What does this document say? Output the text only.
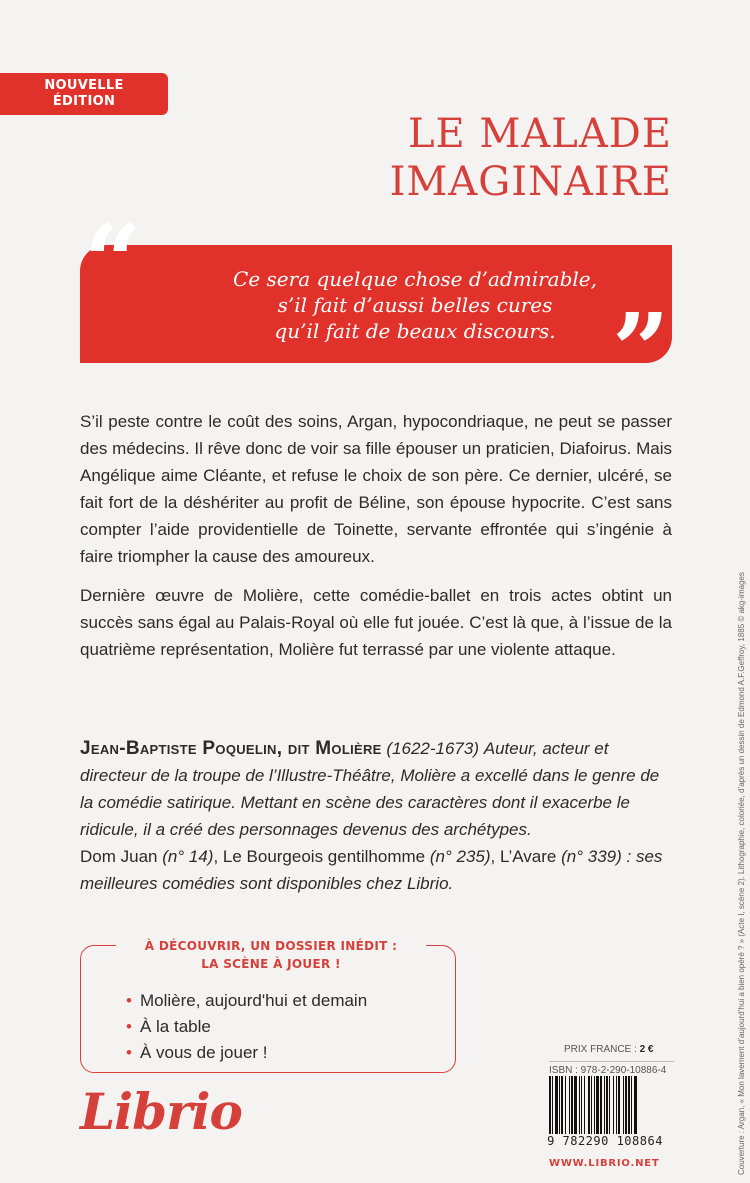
NOUVELLE
ÉDITION
LE MALADE
IMAGINAIRE
“
”
Ce sera quelque chose d’admirable,
s’il fait d’aussi belles cures
qu’il fait de beaux discours.

S’il peste contre le coût des soins, Argan, hypocondriaque, ne peut se passer des médecins. Il rêve donc de voir sa fille épouser un praticien, Diafoirus. Mais Angélique aime Cléante, et refuse le choix de son père. Ce dernier, ulcéré, se fait fort de la déshériter au profit de Béline, son épouse hypocrite. C’est sans compter l’aide providentielle de Toinette, servante effrontée qui s’ingénie à faire triompher la cause des amoureux.

Dernière œuvre de Molière, cette comédie-ballet en trois actes obtint un succès sans égal au Palais-Royal où elle fut jouée. C’est là que, à l’issue de la quatrième représentation, Molière fut terrassé par une violente attaque.

Jean-Baptiste Poquelin, dit Molière (1622-1673) Auteur, acteur et directeur de la troupe de l’Illustre-Théâtre, Molière a excellé dans le genre de la comédie satirique. Mettant en scène des caractères dont il exacerbe le ridicule, il a créé des personnages devenus des archétypes.

Dom Juan (n° 14), Le Bourgeois gentilhomme (n° 235), L’Avare (n° 339) : ses meilleures comédies sont disponibles chez Librio.

À DÉCOUVRIR, UN DOSSIER INÉDIT :
LA SCÈNE À JOUER !
• Molière, aujourd'hui et demain
• À la table
• À vous de jouer !	PRIX FRANCE : 2 €
ISBN : 978-2-290-10886-4
9 782290 108864
WWW.LIBRIO.NET
Librio	Couverture : Argan, « Mon lavement d’aujourd’hui a bien opéré ? » (Acte I, scène 2). Lithographie, coloriée, d’après un dessin de Edmond A.F.Geffroy, 1885 © akg-images
